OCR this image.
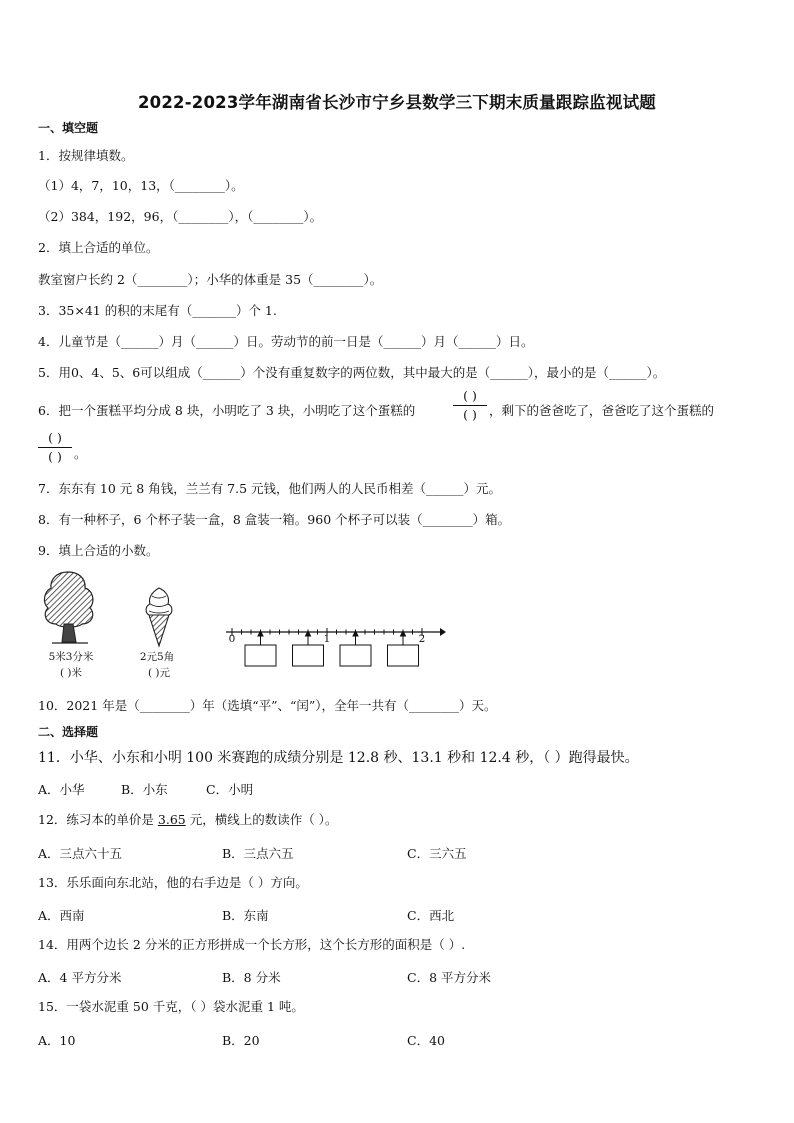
2022-2023学年湖南省长沙市宁乡县数学三下期末质量跟踪监视试题
一、填空题
1．按规律填数。
（1）4，7，10，13，（________）。
（2）384，192，96，（________），（________）。
2．填上合适的单位。
教室窗户长约 2（________）；小华的体重是 35（________）。
3．35×41 的积的末尾有（_______）个 1.
4．儿童节是（______）月（______）日。劳动节的前一日是（______）月（______）日。
5．用0、4、5、6可以组成（______）个没有重复数字的两位数，其中最大的是（______），最小的是（______）。
6．把一个蛋糕平均分成 8 块，小明吃了 3 块，小明吃了这个蛋糕的
( )
( ) ，剩下的爸爸吃了，爸爸吃了这个蛋糕的
( )
( ) 。
7．东东有 10 元 8 角钱，兰兰有 7.5 元钱，他们两人的人民币相差（______）元。
8．有一种杯子，6 个杯子装一盒，8 盒装一箱。960 个杯子可以装（________）箱。
9．填上合适的小数。
5米3分米
( )米
2元5角
( )元
0	1	2
10．2021 年是（________）年（选填“平”、“闰”），全年一共有（________）天。
二、选择题
11．小华、小东和小明 100 米赛跑的成绩分别是 12.8 秒、13.1 秒和 12.4 秒，（ ）跑得最快。
A．小华	B．小东	C．小明
12．练习本的单价是 3.65 元，横线上的数读作（ ）。
A．三点六十五	B．三点六五	C．三六五
13．乐乐面向东北站，他的右手边是（ ）方向。
A．西南	B．东南	C．西北
14．用两个边长 2 分米的正方形拼成一个长方形，这个长方形的面积是（ ）.
A．4 平方分米	B．8 分米	C．8 平方分米
15．一袋水泥重 50 千克，（ ）袋水泥重 1 吨。
A．10	B．20	C．40
